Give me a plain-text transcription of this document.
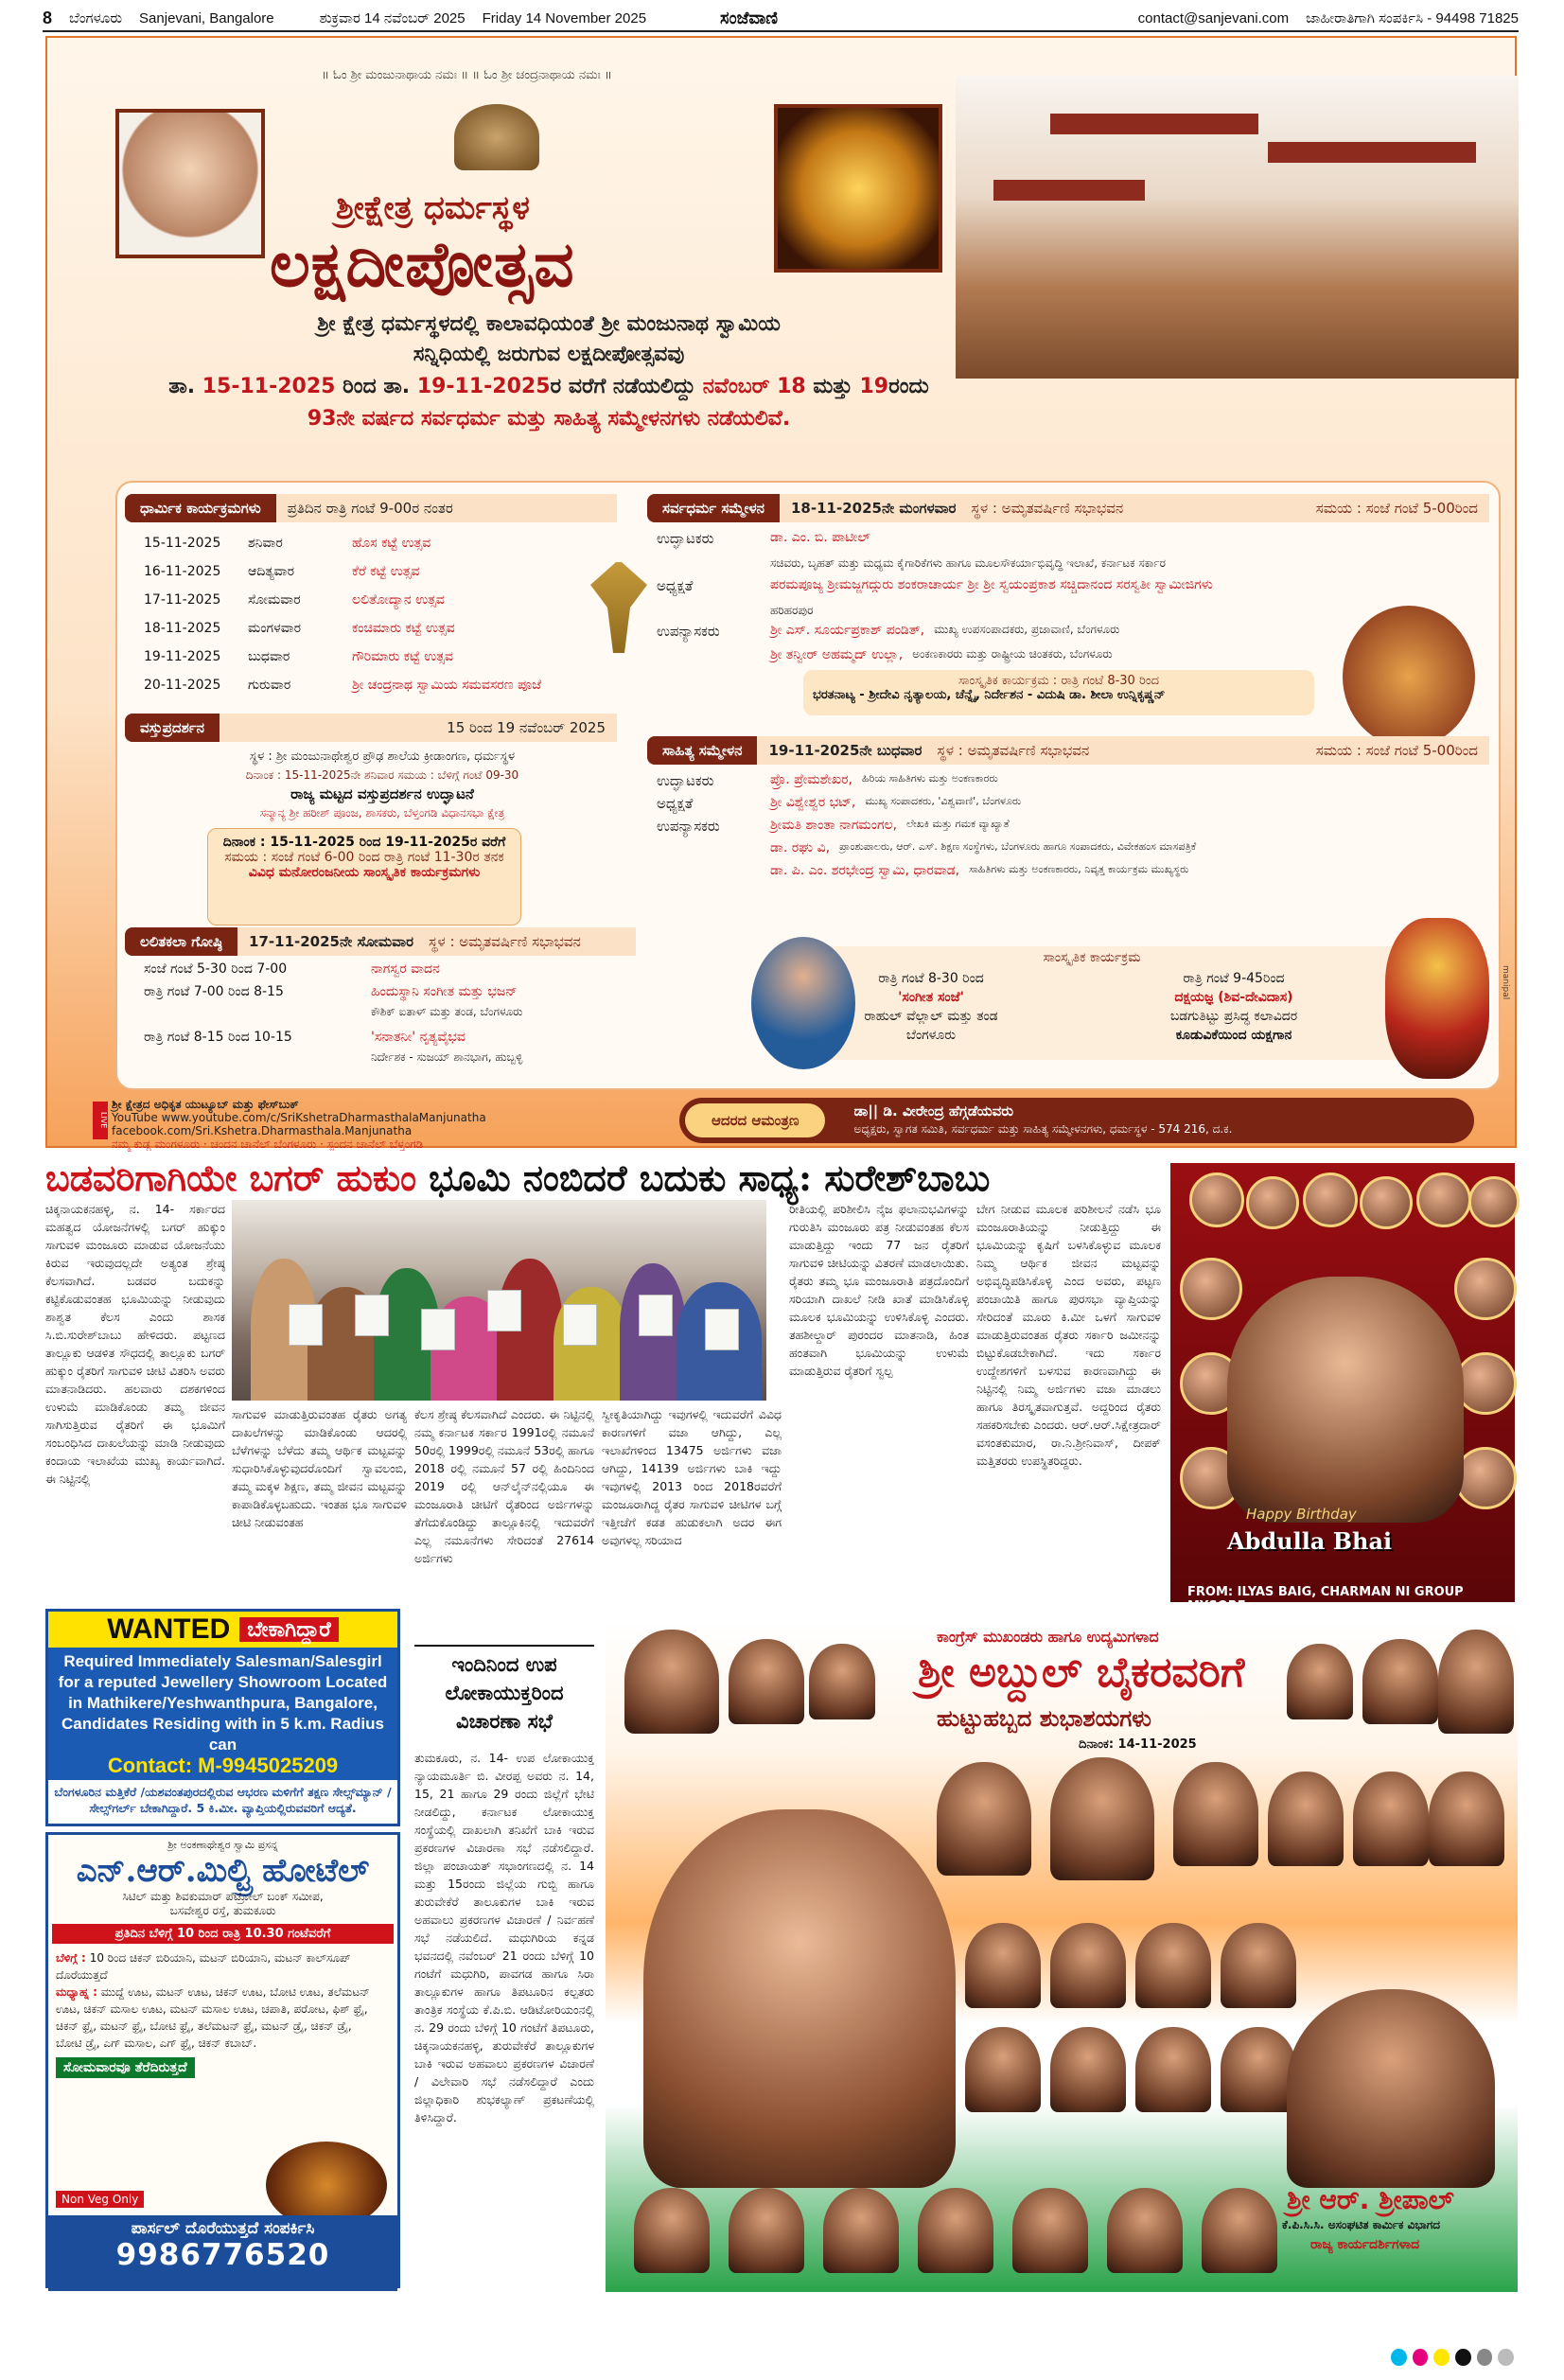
8 ಬೆಂಗಳೂರು Sanjevani, Bangalore	ಶುಕ್ರವಾರ 14 ನವೆಂಬರ್ 2025 Friday 14 November 2025	ಸಂಜೆವಾಣಿ	contact@sanjevani.com ಜಾಹೀರಾತಿಗಾಗಿ ಸಂಪರ್ಕಿಸಿ - 94498 71825
॥ ಓಂ ಶ್ರೀ ಮಂಜುನಾಥಾಯ ನಮಃ ॥ ॥ ಓಂ ಶ್ರೀ ಚಂದ್ರನಾಥಾಯ ನಮಃ ॥
ಶ್ರೀಕ್ಷೇತ್ರ ಧರ್ಮಸ್ಥಳ
ಲಕ್ಷದೀಪೋತ್ಸವ
ಶ್ರೀ ಕ್ಷೇತ್ರ ಧರ್ಮಸ್ಥಳದಲ್ಲಿ ಕಾಲಾವಧಿಯಂತೆ ಶ್ರೀ ಮಂಜುನಾಥ ಸ್ವಾಮಿಯ
ಸನ್ನಿಧಿಯಲ್ಲಿ ಜರುಗುವ ಲಕ್ಷದೀಪೋತ್ಸವವು
ತಾ. 15-11-2025 ರಿಂದ ತಾ. 19-11-2025ರ ವರೆಗೆ ನಡೆಯಲಿದ್ದು ನವೆಂಬರ್ 18 ಮತ್ತು 19ರಂದು
93ನೇ ವರ್ಷದ ಸರ್ವಧರ್ಮ ಮತ್ತು ಸಾಹಿತ್ಯ ಸಮ್ಮೇಳನಗಳು ನಡೆಯಲಿವೆ.
ಧಾರ್ಮಿಕ ಕಾರ್ಯಕ್ರಮಗಳು	ಪ್ರತಿದಿನ ರಾತ್ರಿ ಗಂಟೆ 9-00ರ ನಂತರ
15-11-2025	ಶನಿವಾರ	ಹೊಸ ಕಟ್ಟೆ ಉತ್ಸವ
16-11-2025	ಆದಿತ್ಯವಾರ	ಕೆರೆ ಕಟ್ಟೆ ಉತ್ಸವ
17-11-2025	ಸೋಮವಾರ	ಲಲಿತೋದ್ಯಾನ ಉತ್ಸವ
18-11-2025	ಮಂಗಳವಾರ	ಕಂಚಿಮಾರು ಕಟ್ಟೆ ಉತ್ಸವ
19-11-2025	ಬುಧವಾರ	ಗೌರಿಮಾರು ಕಟ್ಟೆ ಉತ್ಸವ
20-11-2025	ಗುರುವಾರ	ಶ್ರೀ ಚಂದ್ರನಾಥ ಸ್ವಾಮಿಯ ಸಮವಸರಣ ಪೂಜೆ
ವಸ್ತುಪ್ರದರ್ಶನ	15 ರಿಂದ 19 ನವೆಂಬರ್ 2025
ಸ್ಥಳ : ಶ್ರೀ ಮಂಜುನಾಥೇಶ್ವರ ಪ್ರೌಢ ಶಾಲೆಯ ಕ್ರೀಡಾಂಗಣ, ಧರ್ಮಸ್ಥಳ
ದಿನಾಂಕ : 15-11-2025ನೇ ಶನಿವಾರ ಸಮಯ : ಬೆಳಿಗ್ಗೆ ಗಂಟೆ 09-30
ರಾಜ್ಯ ಮಟ್ಟದ ವಸ್ತುಪ್ರದರ್ಶನ ಉದ್ಘಾಟನೆ
ಸನ್ಮಾನ್ಯ ಶ್ರೀ ಹರೀಶ್ ಪೂಂಜ, ಶಾಸಕರು, ಬೆಳ್ತಂಗಡಿ ವಿಧಾನಸಭಾ ಕ್ಷೇತ್ರ
ದಿನಾಂಕ : 15-11-2025 ರಿಂದ 19-11-2025ರ ವರೆಗೆ
ಸಮಯ : ಸಂಜೆ ಗಂಟೆ 6-00 ರಿಂದ ರಾತ್ರಿ ಗಂಟೆ 11-30ರ ತನಕ
ವಿವಿಧ ಮನೋರಂಜನೀಯ ಸಾಂಸ್ಕೃತಿಕ ಕಾರ್ಯಕ್ರಮಗಳು
ಲಲಿತಕಲಾ ಗೋಷ್ಠಿ	17-11-2025ನೇ ಸೋಮವಾರ ಸ್ಥಳ : ಅಮೃತವರ್ಷಿಣಿ ಸಭಾಭವನ
ಸಂಜೆ ಗಂಟೆ 5-30 ರಿಂದ 7-00	ನಾಗಸ್ವರ ವಾದನ
ರಾತ್ರಿ ಗಂಟೆ 7-00 ರಿಂದ 8-15	ಹಿಂದುಸ್ಥಾನಿ ಸಂಗೀತ ಮತ್ತು ಭಜನ್
ಕೌಶಿಕ್ ಐತಾಳ್ ಮತ್ತು ತಂಡ, ಬೆಂಗಳೂರು
ರಾತ್ರಿ ಗಂಟೆ 8-15 ರಿಂದ 10-15	'ಸನಾತನೀ' ನೃತ್ಯವೈಭವ
ನಿರ್ದೇಶಕ - ಸುಜಯ್ ಶಾನಭಾಗ, ಹುಬ್ಬಳ್ಳಿ
ಸರ್ವಧರ್ಮ ಸಮ್ಮೇಳನ	18-11-2025ನೇ ಮಂಗಳವಾರ ಸ್ಥಳ : ಅಮೃತವರ್ಷಿಣಿ ಸಭಾಭವನ	ಸಮಯ : ಸಂಜೆ ಗಂಟೆ 5-00ರಿಂದ
ಉದ್ಘಾಟಕರು	ಡಾ. ಎಂ. ಬಿ. ಪಾಟೀಲ್
ಸಚಿವರು, ಬೃಹತ್ ಮತ್ತು ಮಧ್ಯಮ ಕೈಗಾರಿಕೆಗಳು ಹಾಗೂ ಮೂಲಸೌಕರ್ಯಾಭಿವೃದ್ಧಿ ಇಲಾಖೆ, ಕರ್ನಾಟಕ ಸರ್ಕಾರ
ಅಧ್ಯಕ್ಷತೆ	ಪರಮಪೂಜ್ಯ ಶ್ರೀಮಜ್ಜಗದ್ಗುರು ಶಂಕರಾಚಾರ್ಯ ಶ್ರೀ ಶ್ರೀ ಸ್ವಯಂಪ್ರಕಾಶ ಸಚ್ಚಿದಾನಂದ ಸರಸ್ವತೀ ಸ್ವಾಮೀಜಿಗಳು
ಹರಿಹರಪುರ
ಉಪನ್ಯಾಸಕರು	ಶ್ರೀ ಎಸ್. ಸೂರ್ಯಪ್ರಕಾಶ್ ಪಂಡಿತ್, ಮುಖ್ಯ ಉಪಸಂಪಾದಕರು, ಪ್ರಜಾವಾಣಿ, ಬೆಂಗಳೂರು
ಶ್ರೀ ತನ್ವೀರ್ ಅಹಮ್ಮದ್ ಉಲ್ಲಾ, ಅಂಕಣಕಾರರು ಮತ್ತು ರಾಷ್ಟ್ರೀಯ ಚಿಂತಕರು, ಬೆಂಗಳೂರು
ಸಾಂಸ್ಕೃತಿಕ ಕಾರ್ಯಕ್ರಮ : ರಾತ್ರಿ ಗಂಟೆ 8-30 ರಿಂದ
ಭರತನಾಟ್ಯ - ಶ್ರೀದೇವಿ ನೃತ್ಯಾಲಯ, ಚೆನ್ನೈ, ನಿರ್ದೇಶನ - ವಿದುಷಿ ಡಾ. ಶೀಲಾ ಉನ್ನಿಕೃಷ್ಣನ್
ಸಾಹಿತ್ಯ ಸಮ್ಮೇಳನ	19-11-2025ನೇ ಬುಧವಾರ ಸ್ಥಳ : ಅಮೃತವರ್ಷಿಣಿ ಸಭಾಭವನ	ಸಮಯ : ಸಂಜೆ ಗಂಟೆ 5-00ರಿಂದ
ಉದ್ಘಾಟಕರು	ಪ್ರೊ. ಪ್ರೇಮಶೇಖರ, ಹಿರಿಯ ಸಾಹಿತಿಗಳು ಮತ್ತು ಅಂಕಣಕಾರರು
ಅಧ್ಯಕ್ಷತೆ	ಶ್ರೀ ವಿಶ್ವೇಶ್ವರ ಭಟ್, ಮುಖ್ಯ ಸಂಪಾದಕರು, 'ವಿಶ್ವವಾಣಿ', ಬೆಂಗಳೂರು
ಉಪನ್ಯಾಸಕರು	ಶ್ರೀಮತಿ ಶಾಂತಾ ನಾಗಮಂಗಲ, ಲೇಖಕಿ ಮತ್ತು ಗಮಕ ವ್ಯಾಖ್ಯಾತೆ
ಡಾ. ರಘು ವಿ, ಪ್ರಾಂಶುಪಾಲರು, ಆರ್. ಎಸ್. ಶಿಕ್ಷಣ ಸಂಸ್ಥೆಗಳು, ಬೆಂಗಳೂರು ಹಾಗೂ ಸಂಪಾದಕರು, ವಿವೇಕಹಂಸ ಮಾಸಪತ್ರಿಕೆ
ಡಾ. ಪಿ. ಎಂ. ಶರಭೇಂದ್ರ ಸ್ವಾಮಿ, ಧಾರವಾಡ, ಸಾಹಿತಿಗಳು ಮತ್ತು ಅಂಕಣಕಾರರು, ನಿವೃತ್ತ ಕಾರ್ಯಕ್ರಮ ಮುಖ್ಯಸ್ಥರು
ಸಾಂಸ್ಕೃತಿಕ ಕಾರ್ಯಕ್ರಮ
ರಾತ್ರಿ ಗಂಟೆ 8-30 ರಿಂದ
'ಸಂಗೀತ ಸಂಜೆ'
ರಾಹುಲ್ ವೆಲ್ಲಾಲ್ ಮತ್ತು ತಂಡ
ಬೆಂಗಳೂರು
ರಾತ್ರಿ ಗಂಟೆ 9-45ರಿಂದ
ದಕ್ಷಯಜ್ಞ (ಶಿವ-ದೇವಿದಾಸ)
ಬಡಗುತಿಟ್ಟು ಪ್ರಸಿದ್ಧ ಕಲಾವಿದರ
ಕೂಡುವಿಕೆಯಿಂದ ಯಕ್ಷಗಾನ
ಶ್ರೀ ಕ್ಷೇತ್ರದ ಅಧಿಕೃತ ಯುಟ್ಯೂಬ್ ಮತ್ತು ಫೇಸ್‌ಬುಕ್
YouTube www.youtube.com/c/SriKshetraDharmasthalaManjunatha
facebook.com/Sri.Kshetra.Dharmasthala.Manjunatha
ನಮ್ಮ ಕುಡ್ಲ ಮಂಗಳೂರು · ಚಂದನ ಚಾನೆಲ್ ಬೆಂಗಳೂರು · ಸ್ಪಂದನ ಚಾನೆಲ್ ಬೆಳ್ತಂಗಡಿ
LIVE	ಆದರದ ಆಮಂತ್ರಣ
ಡಾ|| ಡಿ. ವೀರೇಂದ್ರ ಹೆಗ್ಗಡೆಯವರು
ಅಧ್ಯಕ್ಷರು, ಸ್ವಾಗತ ಸಮಿತಿ, ಸರ್ವಧರ್ಮ ಮತ್ತು ಸಾಹಿತ್ಯ ಸಮ್ಮೇಳನಗಳು, ಧರ್ಮಸ್ಥಳ - 574 216, ದ.ಕ.
manipal
ಬಡವರಿಗಾಗಿಯೇ ಬಗರ್ ಹುಕುಂ ಭೂಮಿ ನಂಬಿದರೆ ಬದುಕು ಸಾಧ್ಯ: ಸುರೇಶ್‌ಬಾಬು
ಚಿಕ್ಕನಾಯಕನಹಳ್ಳಿ, ನ. 14- ಸರ್ಕಾರದ ಮಹತ್ವದ ಯೋಜನೆಗಳಲ್ಲಿ ಬಗರ್ ಹುಕ್ಕುಂ ಸಾಗುವಳಿ ಮಂಜೂರು ಮಾಡುವ ಯೋಜನೆಯು ಕಿರುವ ಇರುವುದಲ್ಲದೇ ಅತ್ಯಂತ ಶ್ರೇಷ್ಠ ಕೆಲಸವಾಗಿದೆ. ಬಡವರ ಬದುಕನ್ನು ಕಟ್ಟಿಕೊಡುವಂತಹ ಭೂಮಿಯನ್ನು ನೀಡುವುದು ಶಾಶ್ವತ ಕೆಲಸ ಎಂದು ಶಾಸಕ ಸಿ.ಬಿ.ಸುರೇಶ್‌ಬಾಬು ಹೇಳಿದರು. ಪಟ್ಟಣದ ತಾಲ್ಲೂಕು ಆಡಳಿತ ಸೌಧದಲ್ಲಿ ತಾಲ್ಲೂಕು ಬಗರ್ ಹುಕ್ಕುಂ ರೈತರಿಗೆ ಸಾಗುವಳಿ ಚೀಟಿ ವಿತರಿಸಿ ಅವರು ಮಾತನಾಡಿದರು. ಹಲವಾರು ದಶಕಗಳಿಂದ ಉಳುಮೆ ಮಾಡಿಕೊಂಡು ತಮ್ಮ ಜೀವನ ಸಾಗಿಸುತ್ತಿರುವ ರೈತರಿಗೆ ಈ ಭೂಮಿಗೆ ಸಂಬಂಧಿಸಿದ ದಾಖಲೆಯನ್ನು ಮಾಡಿ ನೀಡುವುದು ಕಂದಾಯ ಇಲಾಖೆಯ ಮುಖ್ಯ ಕಾರ್ಯವಾಗಿದೆ. ಈ ನಿಟ್ಟಿನಲ್ಲಿ
ಸಾಗುವಳಿ ಮಾಡುತ್ತಿರುವಂತಹ ರೈತರು ಅಗತ್ಯ ದಾಖಲೆಗಳನ್ನು ಮಾಡಿಕೊಂಡು ಆದರಲ್ಲಿ ಬೆಳೆಗಳನ್ನು ಬೆಳೆದು ತಮ್ಮ ಆರ್ಥಿಕ ಮಟ್ಟವನ್ನು ಸುಧಾರಿಸಿಕೊಳ್ಳುವುದರೊಂದಿಗೆ ಸ್ವಾವಲಂಬಿ, ತಮ್ಮ ಮಕ್ಕಳ ಶಿಕ್ಷಣ, ತಮ್ಮ ಜೀವನ ಮಟ್ಟವನ್ನು ಕಾಪಾಡಿಕೊಳ್ಳಬಹುದು. ಇಂತಹ ಭೂ ಸಾಗುವಳಿ ಚೀಟಿ ನೀಡುವಂತಹ
ಕೆಲಸ ಶ್ರೇಷ್ಠ ಕೆಲಸವಾಗಿದೆ ಎಂದರು. ಈ ನಿಟ್ಟಿನಲ್ಲಿ ನಮ್ಮ ಕರ್ನಾಟಕ ಸರ್ಕಾರ 1991ರಲ್ಲಿ ನಮೂನೆ 50ರಲ್ಲಿ 1999ರಲ್ಲಿ ನಮೂನೆ 53ರಲ್ಲಿ ಹಾಗೂ 2018 ರಲ್ಲಿ ನಮೂನೆ 57 ರಲ್ಲಿ ಹಿಂದಿನಿಂದ 2019 ರಲ್ಲಿ ಆನ್‌ಲೈನ್‌ನಲ್ಲಿಯೂ ಈ ಮಂಜೂರಾತಿ ಚೀಟಿಗೆ ರೈತರಿಂದ ಅರ್ಜಿಗಳನ್ನು ತೆಗೆದುಕೊಂಡಿದ್ದು ತಾಲ್ಲೂಕಿನಲ್ಲಿ ಇದುವರೆಗೆ ಎಲ್ಲ ನಮೂನೆಗಳು ಸೇರಿದಂತೆ 27614 ಅರ್ಜಿಗಳು
ಸ್ವೀಕೃತಿಯಾಗಿದ್ದು ಇವುಗಳಲ್ಲಿ ಇದುವರೆಗೆ ವಿವಿಧ ಕಾರಣಗಳಿಗೆ ವಜಾ ಆಗಿದ್ದು, ಎಲ್ಲ ಇಲಾಖೆಗಳಿಂದ 13475 ಅರ್ಜಿಗಳು ವಜಾ ಆಗಿದ್ದು, 14139 ಅರ್ಜಿಗಳು ಬಾಕಿ ಇದ್ದು ಇವುಗಳಲ್ಲಿ 2013 ರಿಂದ 2018ರವರೆಗೆ ಮಂಜೂರಾಗಿದ್ದ ರೈತರ ಸಾಗುವಳಿ ಚೀಟಿಗಳ ಬಗ್ಗೆ ಇತ್ತೀಚೆಗೆ ಕಡತ ಹುಡುಕಲಾಗಿ ಅದರ ಈಗ ಅವುಗಳಲ್ಲ ಸರಿಯಾದ
ರೀತಿಯಲ್ಲಿ ಪರಿಶೀಲಿಸಿ ನೈಜ ಫಲಾನುಭವಿಗಳನ್ನು ಗುರುತಿಸಿ ಮಂಜೂರು ಪತ್ರ ನೀಡುವಂತಹ ಕೆಲಸ ಮಾಡುತ್ತಿದ್ದು ಇಂದು 77 ಜನ ರೈತರಿಗೆ ಸಾಗುವಳಿ ಚೀಟಿಯನ್ನು ವಿತರಣೆ ಮಾಡಲಾಯಿತು. ರೈತರು ತಮ್ಮ ಭೂ ಮಂಜೂರಾತಿ ಪತ್ರದೊಂದಿಗೆ ಸರಿಯಾಗಿ ದಾಖಲೆ ನೀಡಿ ಖಾತೆ ಮಾಡಿಸಿಕೊಳ್ಳಿ ಮೂಲಕ ಭೂಮಿಯನ್ನು ಉಳಿಸಿಕೊಳ್ಳಿ ಎಂದರು. ತಹಶೀಲ್ದಾರ್ ಪುರಂದರ ಮಾತನಾಡಿ, ಹಿಂತ ಹಂತವಾಗಿ ಭೂಮಿಯನ್ನು ಉಳುಮೆ ಮಾಡುತ್ತಿರುವ ರೈತರಿಗೆ ಸ್ವಲ್ಪ
ಬೇಗ ನೀಡುವ ಮೂಲಕ ಪರಿಶೀಲನೆ ನಡೆಸಿ ಭೂ ಮಂಜೂರಾತಿಯನ್ನು ನೀಡುತ್ತಿದ್ದು ಈ ಭೂಮಿಯನ್ನು ಕೃಷಿಗೆ ಬಳಸಿಕೊಳ್ಳುವ ಮೂಲಕ ನಿಮ್ಮ ಆರ್ಥಿಕ ಜೀವನ ಮಟ್ಟವನ್ನು ಅಭಿವೃದ್ಧಿಪಡಿಸಿಕೊಳ್ಳಿ ಎಂದ ಅವರು, ಪಟ್ಟಣ ಪಂಚಾಯಿತಿ ಹಾಗೂ ಪುರಸಭಾ ವ್ಯಾಪ್ತಿಯನ್ನು ಸೇರಿದಂತೆ ಮೂರು ಕಿ.ಮೀ ಒಳಗೆ ಸಾಗುವಳಿ ಮಾಡುತ್ತಿರುವಂತಹ ರೈತರು ಸರ್ಕಾರಿ ಜಮೀನನ್ನು ಬಿಟ್ಟುಕೊಡಬೇಕಾಗಿದೆ. ಇದು ಸರ್ಕಾರ ಉದ್ದೇಶಗಳಿಗೆ ಬಳಸುವ ಕಾರಣವಾಗಿದ್ದು ಈ ನಿಟ್ಟಿನಲ್ಲಿ ನಿಮ್ಮ ಅರ್ಜಿಗಳು ವಜಾ ಮಾಡಲು ಹಾಗೂ ತಿರಸ್ಕೃತವಾಗುತ್ತವೆ. ಅದ್ದರಿಂದ ರೈತರು ಸಹಕರಿಸಬೇಕು ಎಂದರು. ಆರ್.ಆರ್.ಸಿಕ್ಷೇತ್ರದಾರ್ ವಸಂತಕುಮಾರ, ರಾ.ನಿ.ಶ್ರೀನಿವಾಸ್, ದೀಪಕ್ ಮತ್ತಿತರರು ಉಪಸ್ಥಿತರಿದ್ದರು.
Happy Birthday
Abdulla Bhai
FROM: ILYAS BAIG, CHARMAN NI GROUP MYSORE
WANTED ಬೇಕಾಗಿದ್ದಾರೆ
Required Immediately Salesman/Salesgirl for a reputed Jewellery Showroom Located in Mathikere/Yeshwanthpura, Bangalore, Candidates Residing with in 5 k.m. Radius can
Contact: M-9945025209
ಬೆಂಗಳೂರಿನ ಮತ್ತಿಕೆರೆ /ಯಶವಂತಪುರದಲ್ಲಿರುವ ಆಭರಣ ಮಳಿಗೆಗೆ ತಕ್ಷಣ ಸೇಲ್ಸ್‌ಮ್ಯಾನ್ /ಸೇಲ್ಸ್‌ಗರ್ಲ್ ಬೇಕಾಗಿದ್ದಾರೆ. 5 ಕಿ.ಮೀ. ವ್ಯಾಪ್ತಿಯಲ್ಲಿರುವವರಿಗೆ ಆದ್ಯತೆ.
ಶ್ರೀ ಅಂಕಣಾಥೇಶ್ವರ ಸ್ವಾಮಿ ಪ್ರಸನ್ನ
ಎನ್.ಆರ್.ಮಿಲ್ಟ್ರಿ ಹೋಟೆಲ್
ಸಿಟಿಲ್ ಮತ್ತು ಶಿವಕುಮಾರ್ ಪೆಟ್ರೋಲ್ ಬಂಕ್ ಸಮೀಪ,
ಬಸವೇಶ್ವರ ರಸ್ತೆ, ತುಮಕೂರು
ಪ್ರತಿದಿನ ಬೆಳಿಗ್ಗೆ 10 ರಿಂದ ರಾತ್ರಿ 10.30 ಗಂಟೆವರೆಗೆ
ಬೆಳಿಗ್ಗೆ : 10 ರಿಂದ ಚಿಕನ್ ಬಿರಿಯಾನಿ, ಮಟನ್ ಬಿರಿಯಾನಿ, ಮಟನ್ ಕಾಲ್‌ಸೂಪ್ ದೊರೆಯುತ್ತದೆ
ಮಧ್ಯಾಹ್ನ : ಮುದ್ದೆ ಊಟ, ಮಟನ್ ಊಟ, ಚಿಕನ್ ಊಟ, ಬೋಟಿ ಊಟ, ತಲೆಮಟನ್ ಊಟ, ಚಿಕನ್ ಮಸಾಲ ಊಟ, ಮಟನ್ ಮಸಾಲ ಊಟ, ಚಪಾತಿ, ಪರೋಟ, ಫಿಶ್ ಫ್ರೈ, ಚಿಕನ್ ಫ್ರೈ, ಮಟನ್ ಫ್ರೈ, ಬೋಟಿ ಫ್ರೈ, ತಲೆಮಟನ್ ಫ್ರೈ, ಮಟನ್ ಡ್ರೈ, ಚಿಕನ್ ಡ್ರೈ, ಬೋಟಿ ಡ್ರೈ, ಎಗ್ ಮಸಾಲ, ಎಗ್ ಫ್ರೈ, ಚಿಕನ್ ಕಬಾಬ್.
ಸೋಮವಾರವೂ ತೆರೆದಿರುತ್ತದೆ
Non Veg Only
ಪಾರ್ಸಲ್ ದೊರೆಯುತ್ತದೆ ಸಂಪರ್ಕಿಸಿ
9986776520
ಇಂದಿನಿಂದ ಉಪ ಲೋಕಾಯುಕ್ತರಿಂದ ವಿಚಾರಣಾ ಸಭೆ
ತುಮಕೂರು, ನ. 14- ಉಪ ಲೋಕಾಯುಕ್ತ ನ್ಯಾಯಮೂರ್ತಿ ಬಿ. ವೀರಪ್ಪ ಅವರು ನ. 14, 15, 21 ಹಾಗೂ 29 ರಂದು ಜಿಲ್ಲೆಗೆ ಭೇಟಿ ನೀಡಲಿದ್ದು, ಕರ್ನಾಟಕ ಲೋಕಾಯುಕ್ತ ಸಂಸ್ಥೆಯಲ್ಲಿ ದಾಖಲಾಗಿ ತನಿಖೆಗೆ ಬಾಕಿ ಇರುವ ಪ್ರಕರಣಗಳ ವಿಚಾರಣಾ ಸಭೆ ನಡೆಸಲಿದ್ದಾರೆ. ಜಿಲ್ಲಾ ಪಂಚಾಯತ್ ಸಭಾಂಗಣದಲ್ಲಿ ನ. 14 ಮತ್ತು 15ರಂದು ಜಿಲ್ಲೆಯ ಗುಬ್ಬಿ ಹಾಗೂ ತುರುವೇಕೆರೆ ತಾಲೂಕುಗಳ ಬಾಕಿ ಇರುವ ಅಹವಾಲು ಪ್ರಕರಣಗಳ ವಿಚಾರಣೆ / ನಿರ್ವಹಣೆ ಸಭೆ ನಡೆಯಲಿದೆ. ಮಧುಗಿರಿಯ ಕನ್ನಡ ಭವನದಲ್ಲಿ ನವೆಂಬರ್ 21 ರಂದು ಬೆಳಿಗ್ಗೆ 10 ಗಂಟೆಗೆ ಮಧುಗಿರಿ, ಪಾವಗಡ ಹಾಗೂ ಸಿರಾ ತಾಲ್ಲೂಕುಗಳ ಹಾಗೂ ತಿಪಟೂರಿನ ಕಲ್ಪತರು ತಾಂತ್ರಿಕ ಸಂಸ್ಥೆಯ ಕೆ.ಪಿ.ಬಿ. ಆಡಿಟೋರಿಯಂನಲ್ಲಿ ನ. 29 ರಂದು ಬೆಳಿಗ್ಗೆ 10 ಗಂಟೆಗೆ ತಿಪಟೂರು, ಚಿಕ್ಕನಾಯಕನಹಳ್ಳಿ, ತುರುವೇಕೆರೆ ತಾಲ್ಲೂಕುಗಳ ಬಾಕಿ ಇರುವ ಅಹವಾಲು ಪ್ರಕರಣಗಳ ವಿಚಾರಣೆ / ವಿಲೇವಾರಿ ಸಭೆ ನಡೆಸಲಿದ್ದಾರೆ ಎಂದು ಜಿಲ್ಲಾಧಿಕಾರಿ ಶುಭಕಲ್ಯಾಣ್ ಪ್ರಕಟಣೆಯಲ್ಲಿ ತಿಳಿಸಿದ್ದಾರೆ.
ಕಾಂಗ್ರೆಸ್ ಮುಖಂಡರು ಹಾಗೂ ಉದ್ಯಮಿಗಳಾದ
ಶ್ರೀ ಅಬ್ದುಲ್ ಬೈಕರವರಿಗೆ
ಹುಟ್ಟುಹಬ್ಬದ ಶುಭಾಶಯಗಳು
ದಿನಾಂಕ: 14-11-2025
ಶ್ರೀ ಆರ್. ಶ್ರೀಪಾಲ್
ಕೆ.ಪಿ.ಸಿ.ಸಿ. ಅಸಂಘಟಿತ ಕಾರ್ಮಿಕ ವಿಭಾಗದ
ರಾಜ್ಯ ಕಾರ್ಯದರ್ಶಿಗಳಾದ
